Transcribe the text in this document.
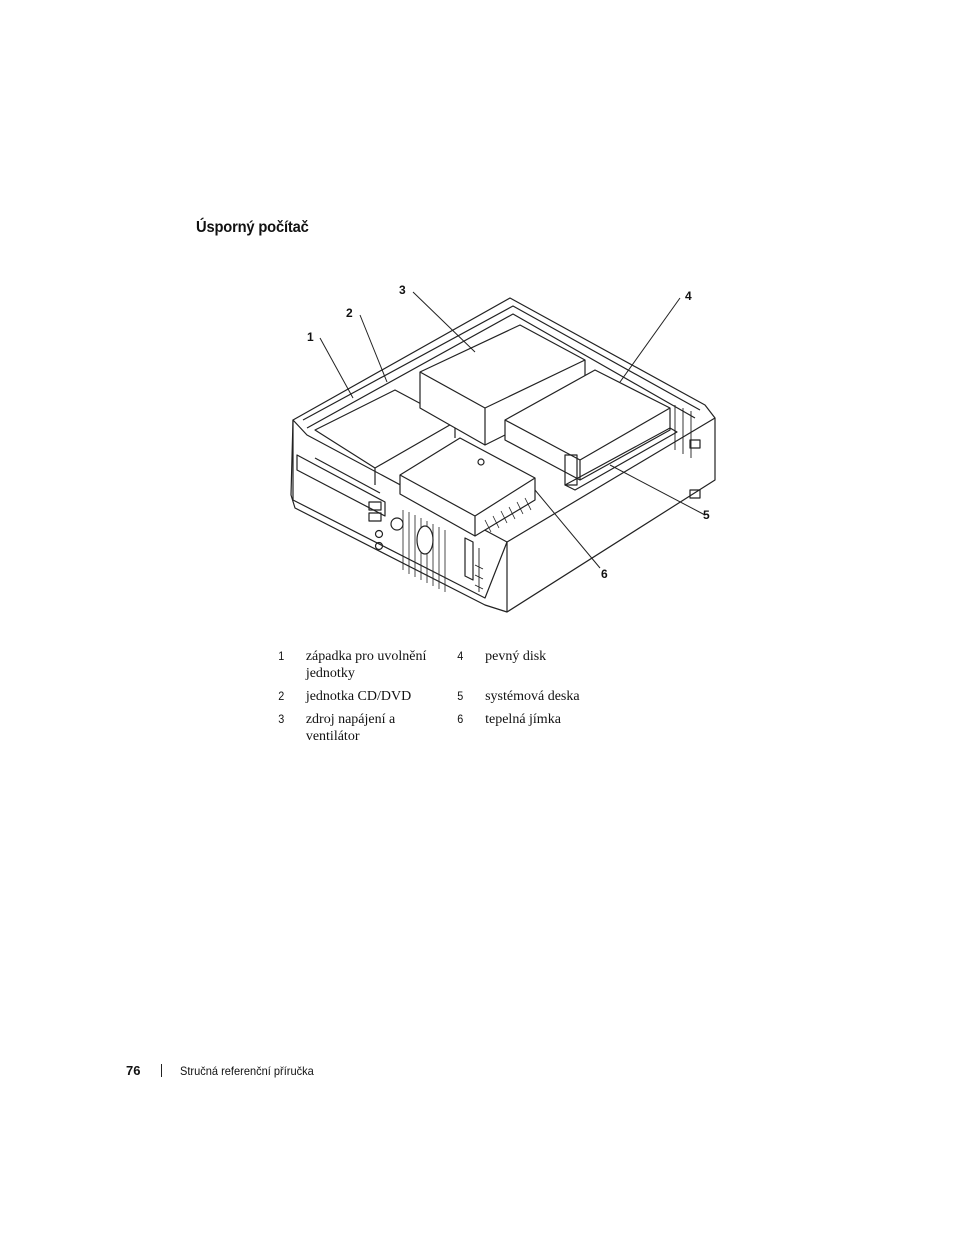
Úsporný počítač
1
2
3	4
5
6
1	západka pro uvolnění jednotky	4	pevný disk
2	jednotka CD/DVD	5	systémová deska
3	zdroj napájení a ventilátor	6	tepelná jímka
76	Stručná referenční příručka
